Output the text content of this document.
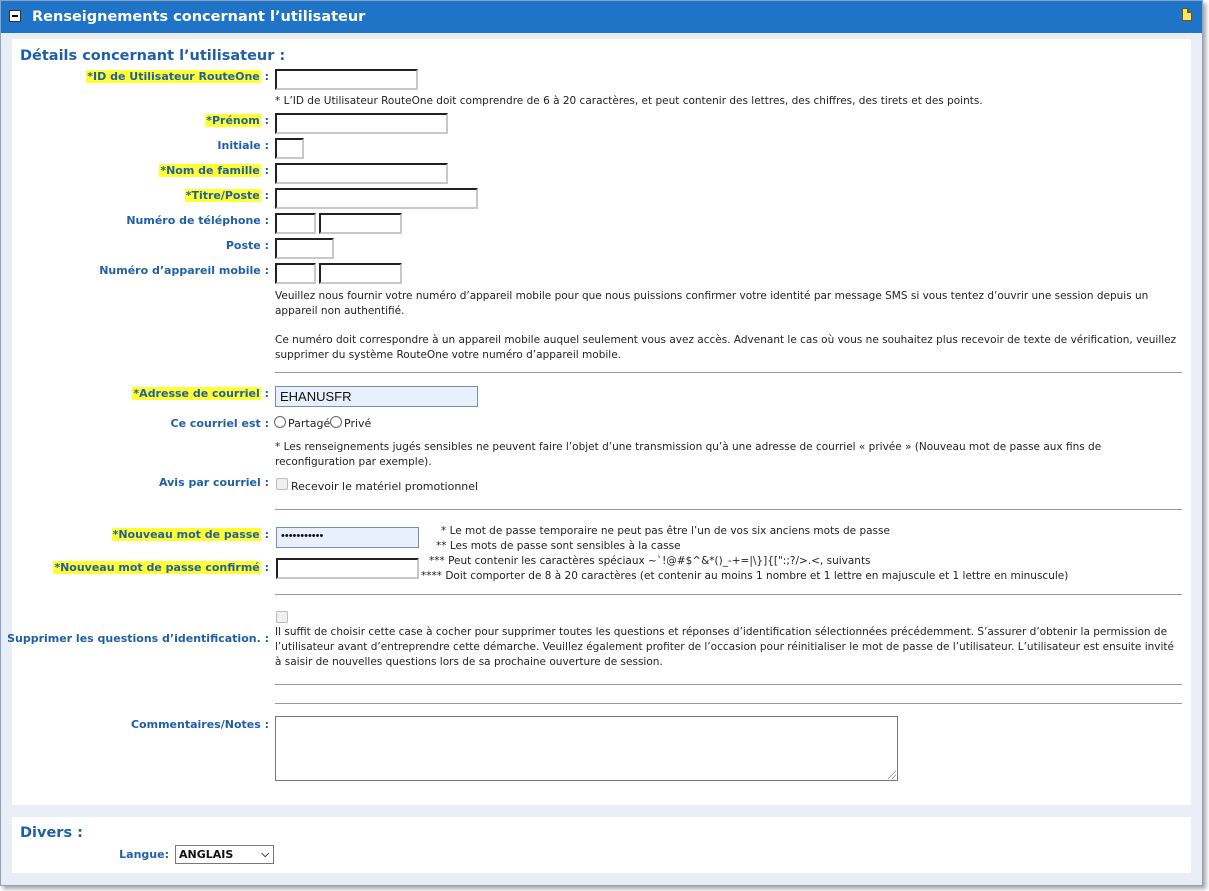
Renseignements concernant l’utilisateur
Détails concernant l’utilisateur :
*ID de Utilisateur RouteOne :
* L’ID de Utilisateur RouteOne doit comprendre de 6 à 20 caractères, et peut contenir des lettres, des chiffres, des tirets et des points.
*Prénom :
Initiale :
*Nom de famille :
*Titre/Poste :
Numéro de téléphone :
Poste :
Numéro d’appareil mobile :
Veuillez nous fournir votre numéro d’appareil mobile pour que nous puissions confirmer votre identité par message SMS si vous tentez d’ouvrir une session depuis un appareil non authentifié.
Ce numéro doit correspondre à un appareil mobile auquel seulement vous avez accès. Advenant le cas où vous ne souhaitez plus recevoir de texte de vérification, veuillez supprimer du système RouteOne votre numéro d’appareil mobile.
*Adresse de courriel : EHANUSFR
Ce courriel est : Partagé Privé
* Les renseignements jugés sensibles ne peuvent faire l’objet d’une transmission qu’à une adresse de courriel « privée » (Nouveau mot de passe aux fins de reconfiguration par exemple).
Avis par courriel : Recevoir le matériel promotionnel
*Nouveau mot de passe :	•••••••••••
*Nouveau mot de passe confirmé :
* Le mot de passe temporaire ne peut pas être l’un de vos six anciens mots de passe
** Les mots de passe sont sensibles à la casse
*** Peut contenir les caractères spéciaux ~`!@#$^&*()_-+=|\}]{[":;?/>.<, suivants
**** Doit comporter de 8 à 20 caractères (et contenir au moins 1 nombre et 1 lettre en majuscule et 1 lettre en minuscule)
Supprimer les questions d’identification. : Il suffit de choisir cette case à cocher pour supprimer toutes les questions et réponses d’identification sélectionnées précédemment. S’assurer d’obtenir la permission de l’utilisateur avant d’entreprendre cette démarche. Veuillez également profiter de l’occasion pour réinitialiser le mot de passe de l’utilisateur. L’utilisateur est ensuite invité à saisir de nouvelles questions lors de sa prochaine ouverture de session.
Commentaires/Notes :
Divers :
Langue: ANGLAIS	⌵
